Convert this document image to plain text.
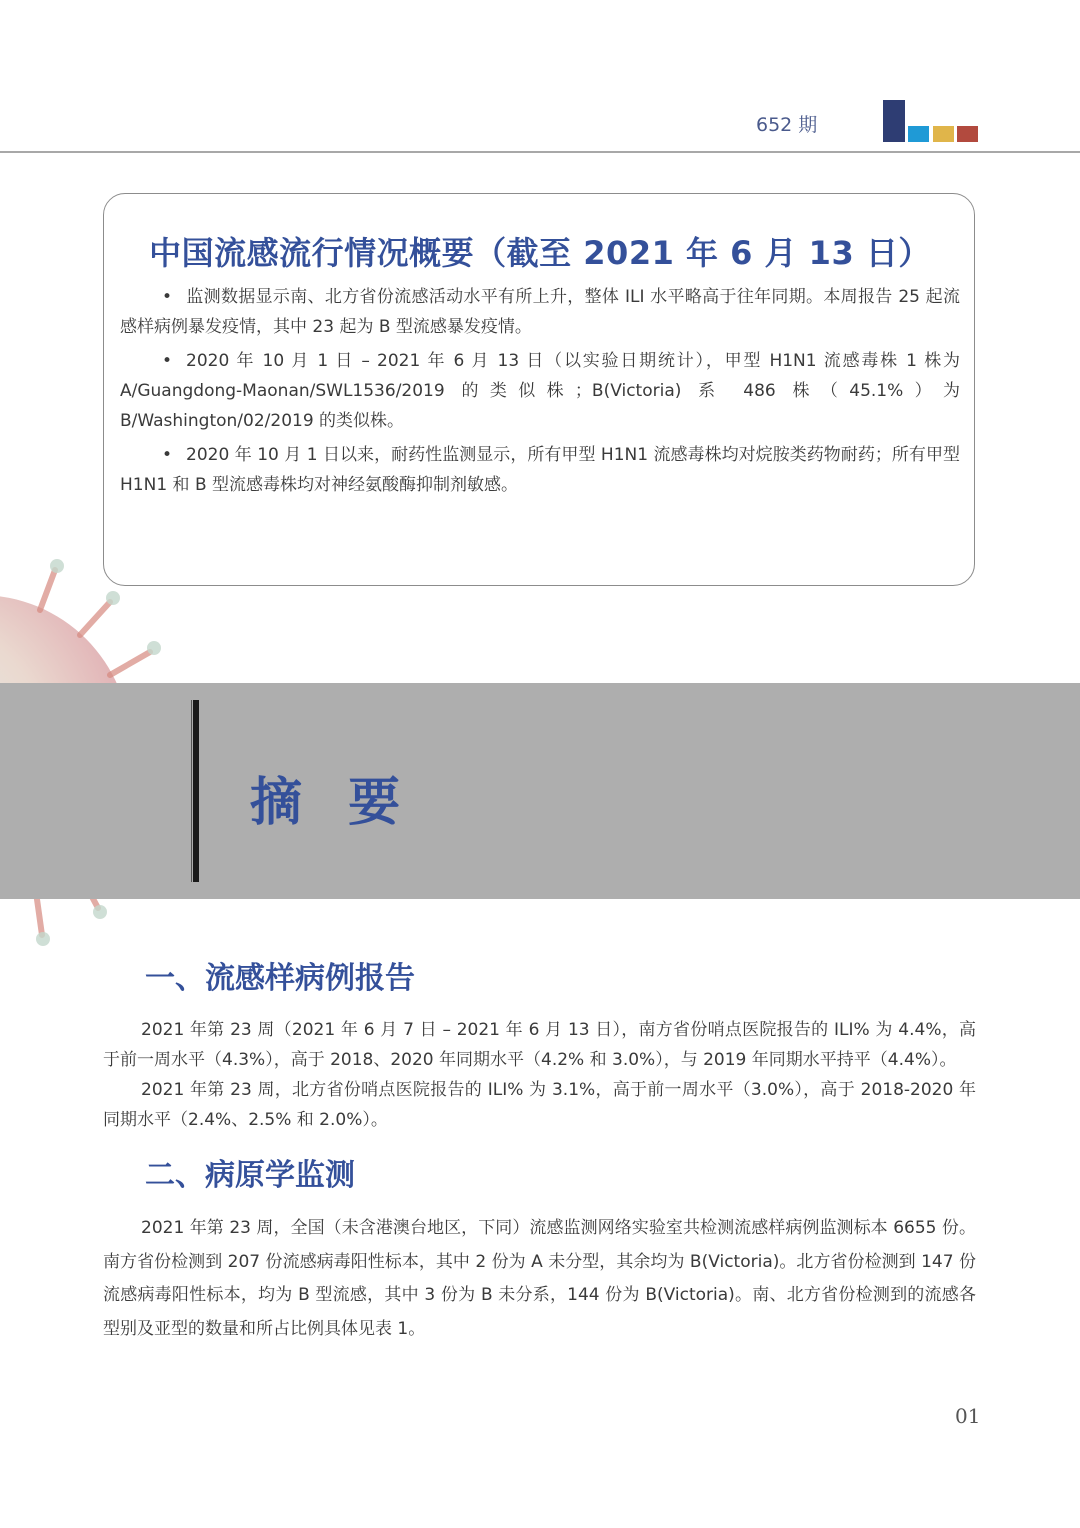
652 期
中国流感流行情况概要（截至 2021 年 6 月 13 日）

• 监测数据显示南、北方省份流感活动水平有所上升，整体 ILI 水平略高于往年同期。本周报告 25 起流感样病例暴发疫情，其中 23 起为 B 型流感暴发疫情。

• 2020 年 10 月 1 日 – 2021 年 6 月 13 日（以实验日期统计），甲型 H1N1 流感毒株 1 株为 A/Guangdong-Maonan/SWL1536/2019 的类似株；B(Victoria) 系 486 株（45.1%）为 B/Washington/02/2019 的类似株。

• 2020 年 10 月 1 日以来，耐药性监测显示，所有甲型 H1N1 流感毒株均对烷胺类药物耐药；所有甲型 H1N1 和 B 型流感毒株均对神经氨酸酶抑制剂敏感。

摘 要
一、流感样病例报告

2021 年第 23 周（2021 年 6 月 7 日 – 2021 年 6 月 13 日），南方省份哨点医院报告的 ILI% 为 4.4%，高于前一周水平（4.3%），高于 2018、2020 年同期水平（4.2% 和 3.0%），与 2019 年同期水平持平（4.4%）。

2021 年第 23 周，北方省份哨点医院报告的 ILI% 为 3.1%，高于前一周水平（3.0%），高于 2018-2020 年同期水平（2.4%、2.5% 和 2.0%）。

二、病原学监测

2021 年第 23 周，全国（未含港澳台地区，下同）流感监测网络实验室共检测流感样病例监测标本 6655 份。南方省份检测到 207 份流感病毒阳性标本，其中 2 份为 A 未分型，其余均为 B(Victoria)。北方省份检测到 147 份流感病毒阳性标本，均为 B 型流感，其中 3 份为 B 未分系，144 份为 B(Victoria)。南、北方省份检测到的流感各型别及亚型的数量和所占比例具体见表 1。

01
